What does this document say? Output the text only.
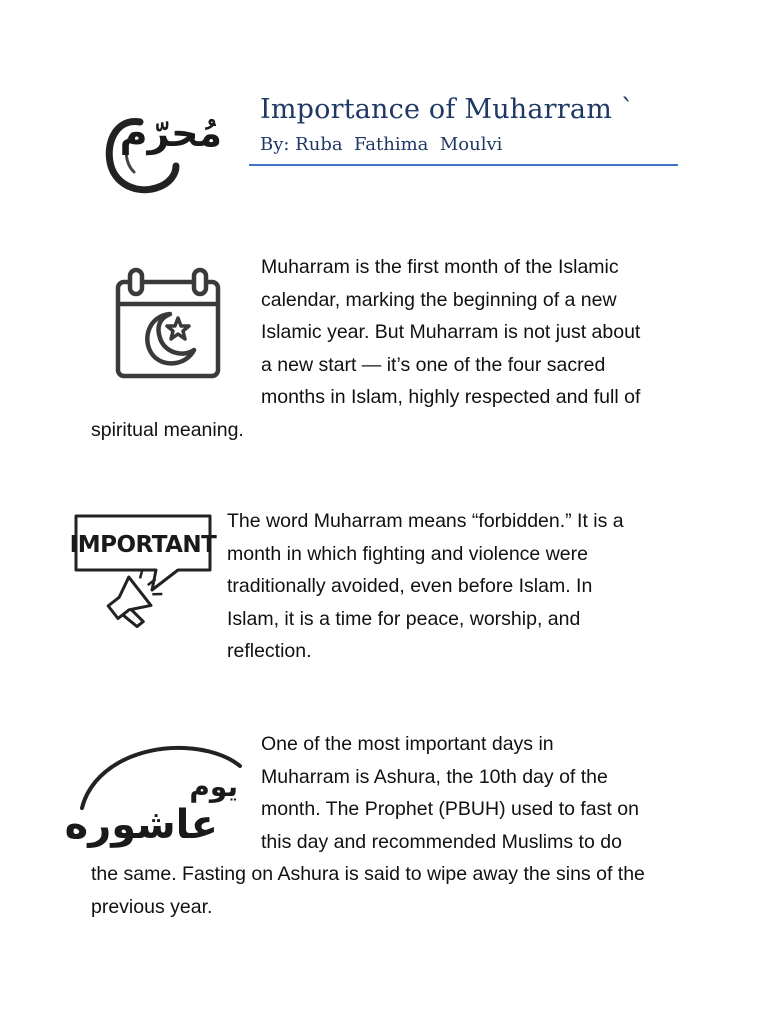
مُحرّم
Importance of Muharram `
By: Ruba  Fathima  Moulvi
Muharram is the first month of the Islamic
calendar, marking the beginning of a new
Islamic year. But Muharram is not just about
a new start — it’s one of the four sacred
months in Islam, highly respected and full of
spiritual meaning.
IMPORTANT
The word Muharram means “forbidden.” It is a
month in which fighting and violence were
traditionally avoided, even before Islam. In
Islam, it is a time for peace, worship, and
reflection.
يوم
عاشوره
One of the most important days in
Muharram is Ashura, the 10th day of the
month. The Prophet (PBUH) used to fast on
this day and recommended Muslims to do
the same. Fasting on Ashura is said to wipe away the sins of the
previous year.
